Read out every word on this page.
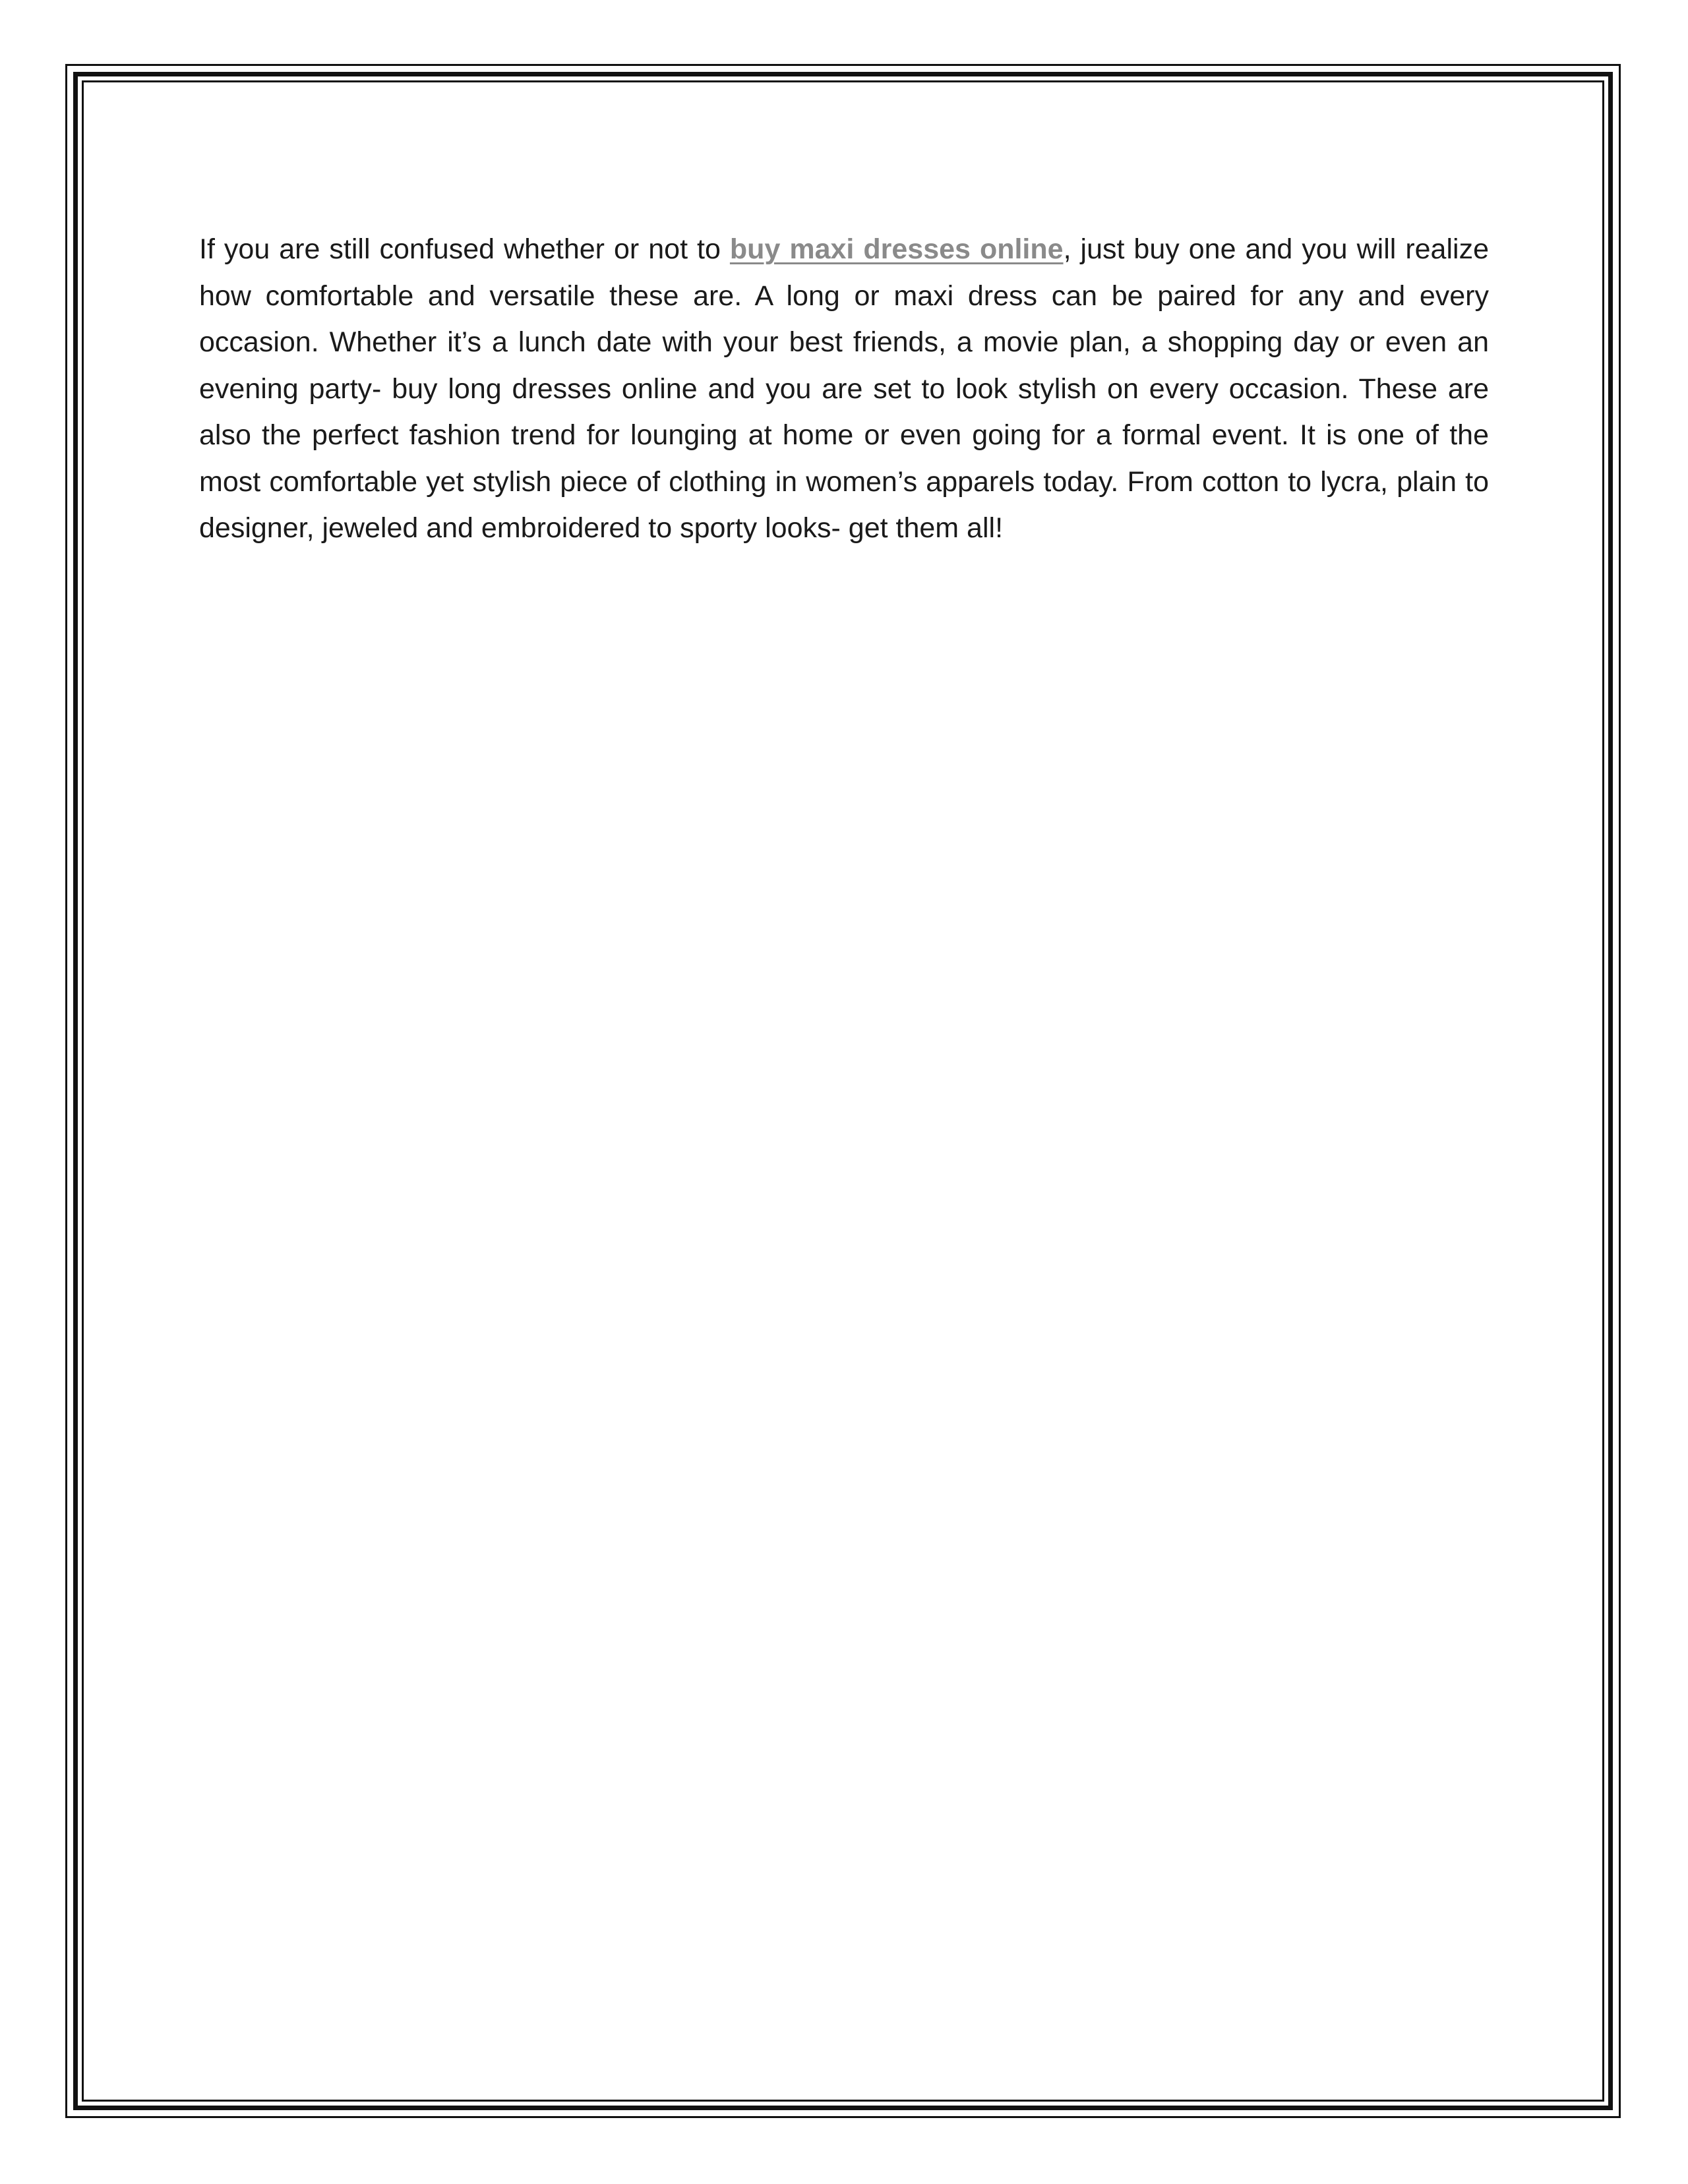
If you are still confused whether or not to buy maxi dresses online, just buy one and you will realize how comfortable and versatile these are. A long or maxi dress can be paired for any and every occasion. Whether it’s a lunch date with your best friends, a movie plan, a shopping day or even an evening party- buy long dresses online and you are set to look stylish on every occasion. These are also the perfect fashion trend for lounging at home or even going for a formal event. It is one of the most comfortable yet stylish piece of clothing in women’s apparels today. From cotton to lycra, plain to designer, jeweled and embroidered to sporty looks- get them all!
